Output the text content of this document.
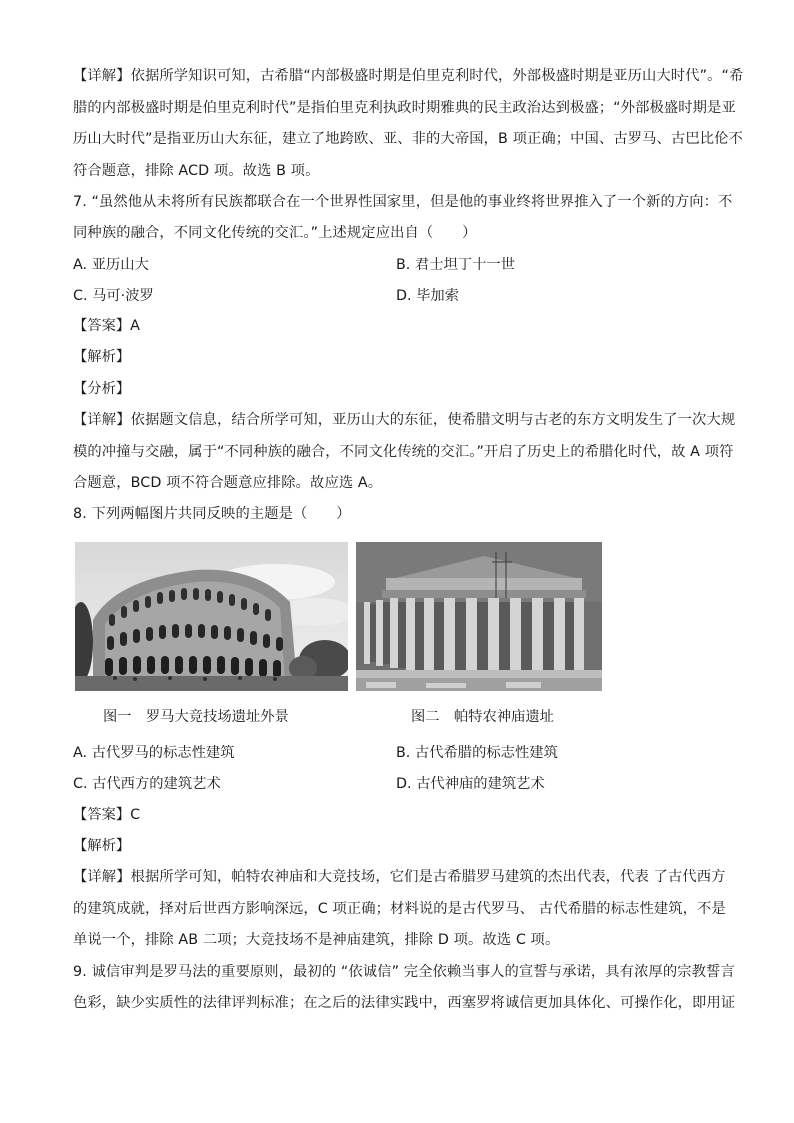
【详解】依据所学知识可知，古希腊“内部极盛时期是伯里克利时代，外部极盛时期是亚历山大时代”。“希
腊的内部极盛时期是伯里克利时代”是指伯里克利执政时期雅典的民主政治达到极盛；“外部极盛时期是亚
历山大时代”是指亚历山大东征，建立了地跨欧、亚、非的大帝国，B 项正确；中国、古罗马、古巴比伦不
符合题意，排除 ACD 项。故选 B 项。
7. “虽然他从未将所有民族都联合在一个世界性国家里，但是他的事业终将世界推入了一个新的方向：不
同种族的融合，不同文化传统的交汇。”上述规定应出自（　　）
A. 亚历山大	B. 君士坦丁十一世
C. 马可·波罗	D. 毕加索
【答案】A
【解析】
【分析】
【详解】依据题文信息，结合所学可知，亚历山大的东征，使希腊文明与古老的东方文明发生了一次大规
模的冲撞与交融，属于“不同种族的融合，不同文化传统的交汇。”开启了历史上的希腊化时代，故 A 项符
合题意，BCD 项不符合题意应排除。故应选 A。
8. 下列两幅图片共同反映的主题是（　　）
图一　罗马大竞技场遗址外景	图二　帕特农神庙遗址
A. 古代罗马的标志性建筑	B. 古代希腊的标志性建筑
C. 古代西方的建筑艺术	D. 古代神庙的建筑艺术
【答案】C
【解析】
【详解】根据所学可知，帕特农神庙和大竞技场，它们是古希腊罗马建筑的杰出代表，代表 了古代西方
的建筑成就，择对后世西方影响深远，C 项正确；材料说的是古代罗马、 古代希腊的标志性建筑，不是
单说一个，排除 AB 二项；大竞技场不是神庙建筑，排除 D 项。故选 C 项。
9. 诚信审判是罗马法的重要原则，最初的 “依诚信” 完全依赖当事人的宣誓与承诺，具有浓厚的宗教誓言
色彩，缺少实质性的法律评判标准；在之后的法律实践中，西塞罗将诚信更加具体化、可操作化，即用证
